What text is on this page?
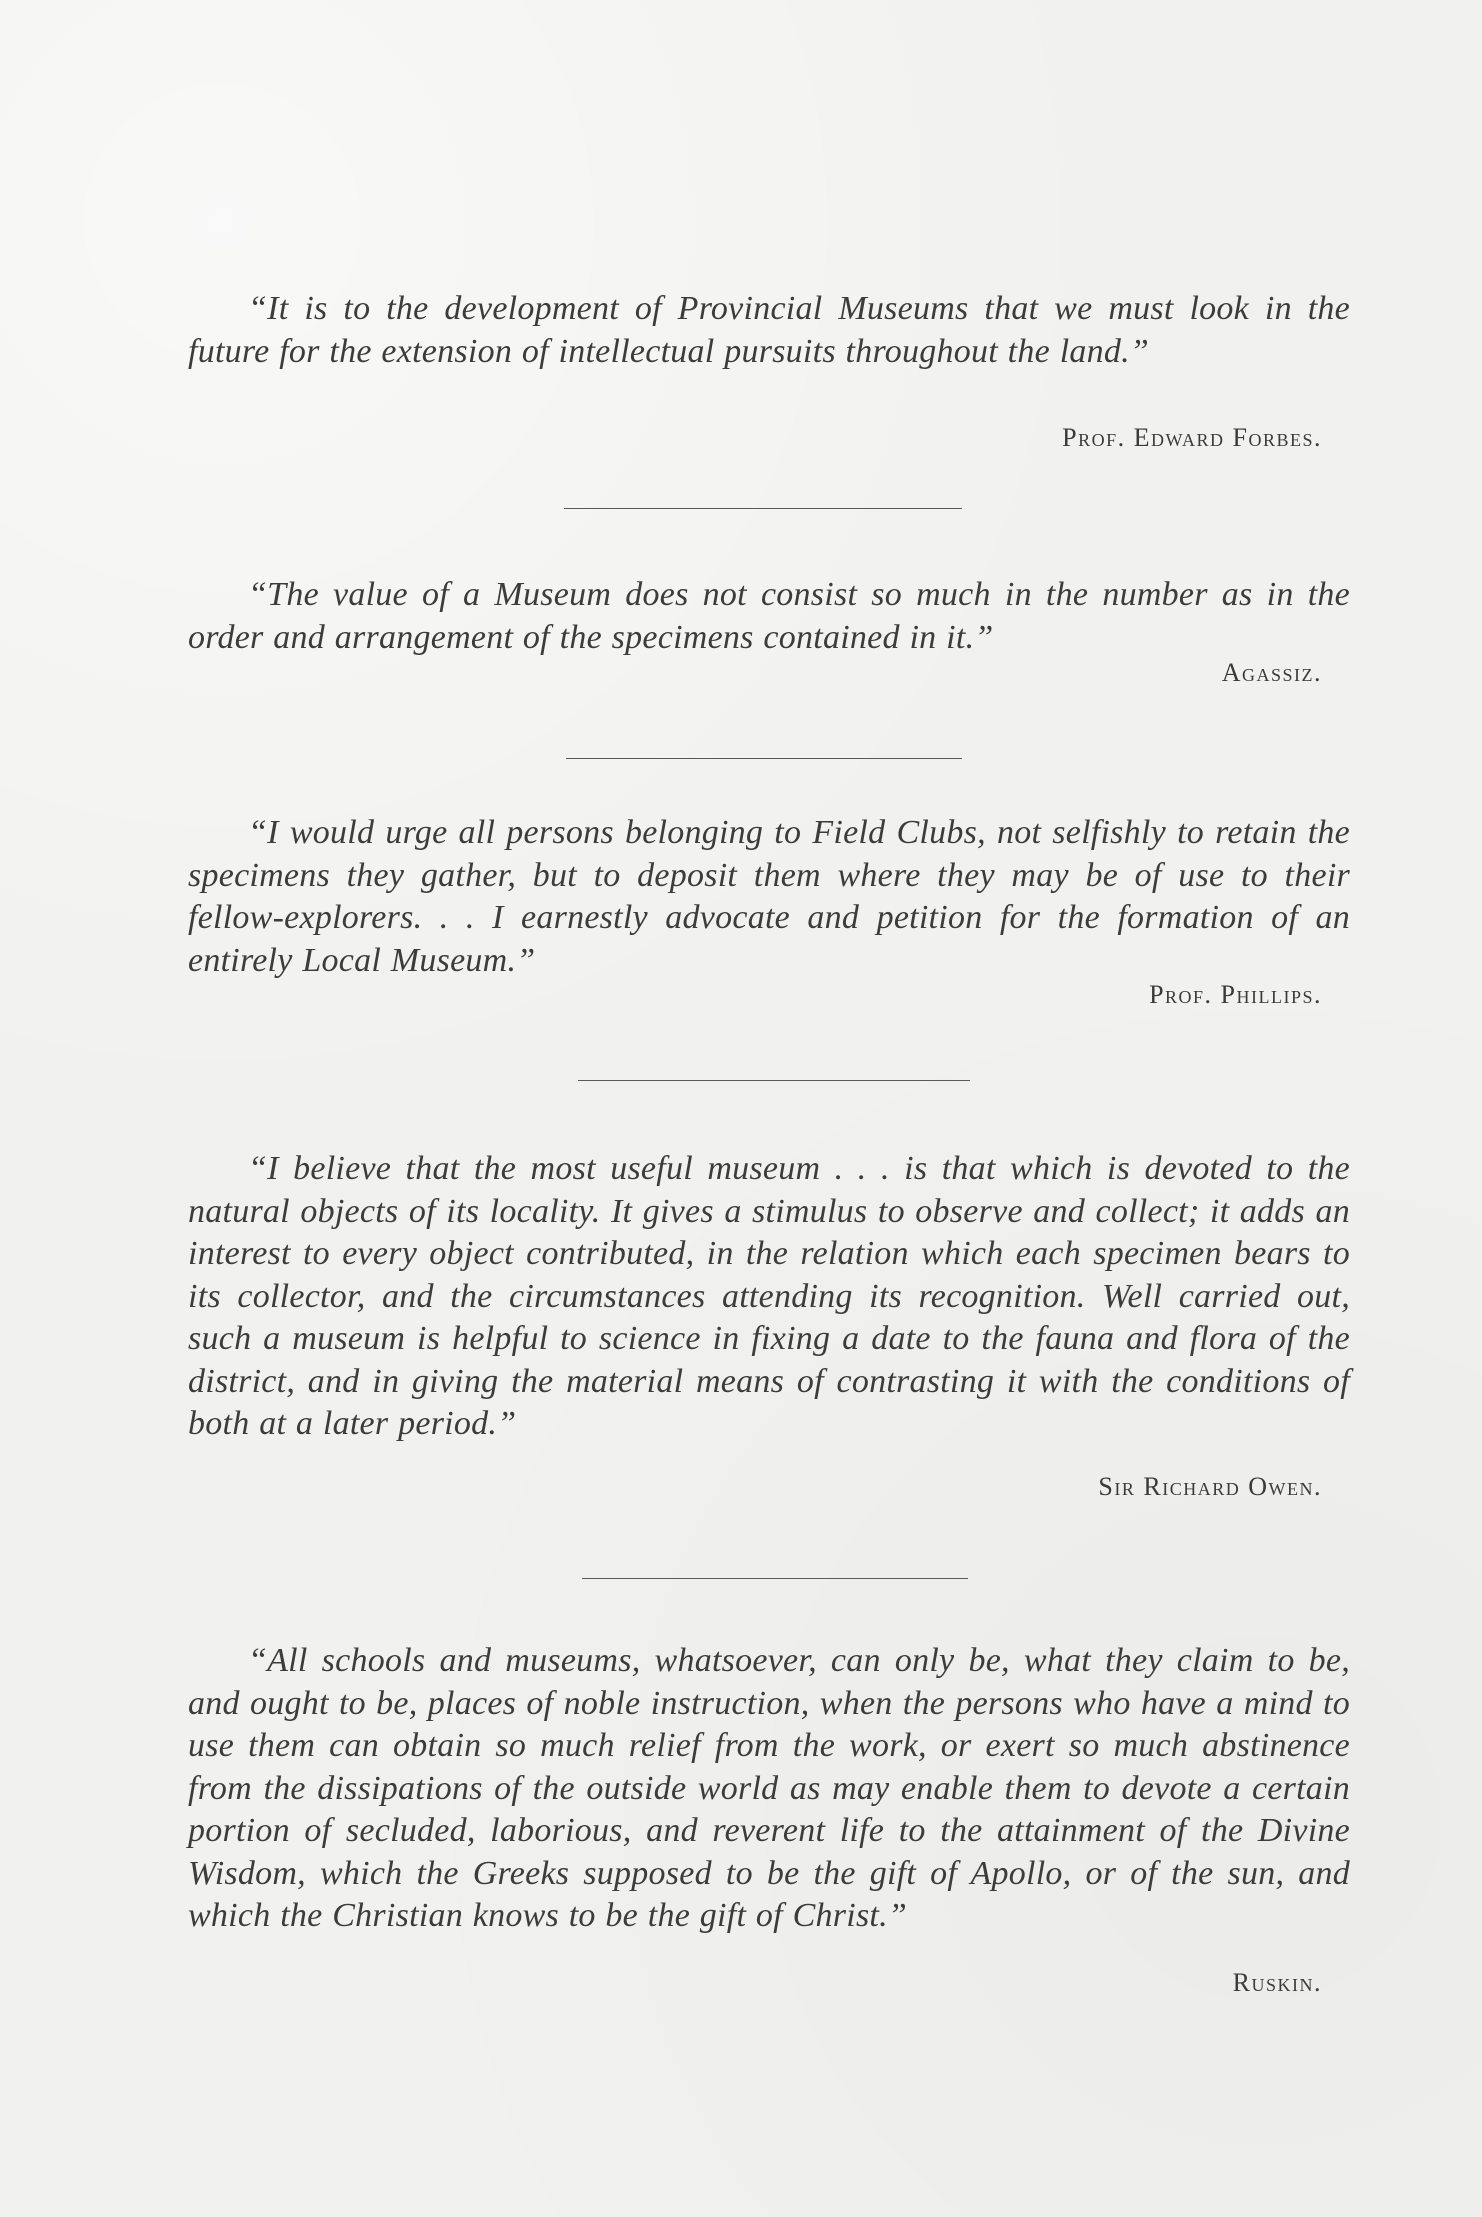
“It is to the development of Provincial Museums that we must look in the future for the extension of intellectual pursuits throughout the land.”
Prof. Edward Forbes.
“The value of a Museum does not consist so much in the number as in the order and arrangement of the specimens contained in it.”
Agassiz.
“I would urge all persons belonging to Field Clubs, not selfishly to retain the specimens they gather, but to deposit them where they may be of use to their fellow-explorers. . . I earnestly advocate and petition for the formation of an entirely Local Museum.”
Prof. Phillips.
“I believe that the most useful museum . . . is that which is devoted to the natural objects of its locality. It gives a stimulus to observe and collect; it adds an interest to every object contributed, in the relation which each specimen bears to its collector, and the circumstances attending its recognition. Well carried out, such a museum is helpful to science in fixing a date to the fauna and flora of the district, and in giving the material means of contrasting it with the conditions of both at a later period.”
Sir Richard Owen.
“All schools and museums, whatsoever, can only be, what they claim to be, and ought to be, places of noble instruction, when the persons who have a mind to use them can obtain so much relief from the work, or exert so much abstinence from the dissipations of the outside world as may enable them to devote a certain portion of secluded, laborious, and reverent life to the attainment of the Divine Wisdom, which the Greeks supposed to be the gift of Apollo, or of the sun, and which the Christian knows to be the gift of Christ.”
Ruskin.
